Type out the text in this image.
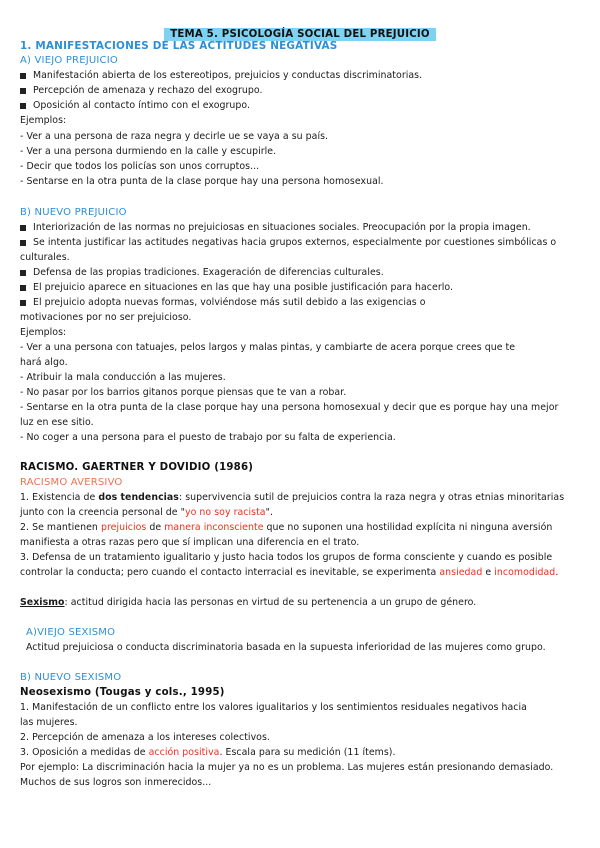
TEMA 5. PSICOLOGÍA SOCIAL DEL PREJUICIO
1. MANIFESTACIONES DE LAS ACTITUDES NEGATIVAS
A) VIEJO PREJUICIO
Manifestación abierta de los estereotipos, prejuicios y conductas discriminatorias.
Percepción de amenaza y rechazo del exogrupo.
Oposición al contacto íntimo con el exogrupo.
Ejemplos:
- Ver a una persona de raza negra y decirle ue se vaya a su país.
- Ver a una persona durmiendo en la calle y escupirle.
- Decir que todos los policías son unos corruptos...
- Sentarse en la otra punta de la clase porque hay una persona homosexual.
B) NUEVO PREJUICIO
Interiorización de las normas no prejuiciosas en situaciones sociales. Preocupación por la propia imagen.
Se intenta justificar las actitudes negativas hacia grupos externos, especialmente por cuestiones simbólicas o
culturales.
Defensa de las propias tradiciones. Exageración de diferencias culturales.
El prejuicio aparece en situaciones en las que hay una posible justificación para hacerlo.
El prejuicio adopta nuevas formas, volviéndose más sutil debido a las exigencias o
motivaciones por no ser prejuicioso.
Ejemplos:
- Ver a una persona con tatuajes, pelos largos y malas pintas, y cambiarte de acera porque crees que te
hará algo.
- Atribuir la mala conducción a las mujeres.
- No pasar por los barrios gitanos porque piensas que te van a robar.
- Sentarse en la otra punta de la clase porque hay una persona homosexual y decir que es porque hay una mejor
luz en ese sitio.
- No coger a una persona para el puesto de trabajo por su falta de experiencia.
RACISMO. GAERTNER Y DOVIDIO (1986)
RACISMO AVERSIVO
1. Existencia de dos tendencias: supervivencia sutil de prejuicios contra la raza negra y otras etnias minoritarias
junto con la creencia personal de "yo no soy racista".
2. Se mantienen prejuicios de manera inconsciente que no suponen una hostilidad explícita ni ninguna aversión
manifiesta a otras razas pero que sí implican una diferencia en el trato.
3. Defensa de un tratamiento igualitario y justo hacia todos los grupos de forma consciente y cuando es posible
controlar la conducta; pero cuando el contacto interracial es inevitable, se experimenta ansiedad e incomodidad.
Sexismo: actitud dirigida hacia las personas en virtud de su pertenencia a un grupo de género.
A)VIEJO SEXISMO
Actitud prejuiciosa o conducta discriminatoria basada en la supuesta inferioridad de las mujeres como grupo.
B) NUEVO SEXISMO
Neosexismo (Tougas y cols., 1995)
1. Manifestación de un conflicto entre los valores igualitarios y los sentimientos residuales negativos hacia
las mujeres.
2. Percepción de amenaza a los intereses colectivos.
3. Oposición a medidas de acción positiva. Escala para su medición (11 ítems).
Por ejemplo: La discriminación hacia la mujer ya no es un problema. Las mujeres están presionando demasiado.
Muchos de sus logros son inmerecidos...
